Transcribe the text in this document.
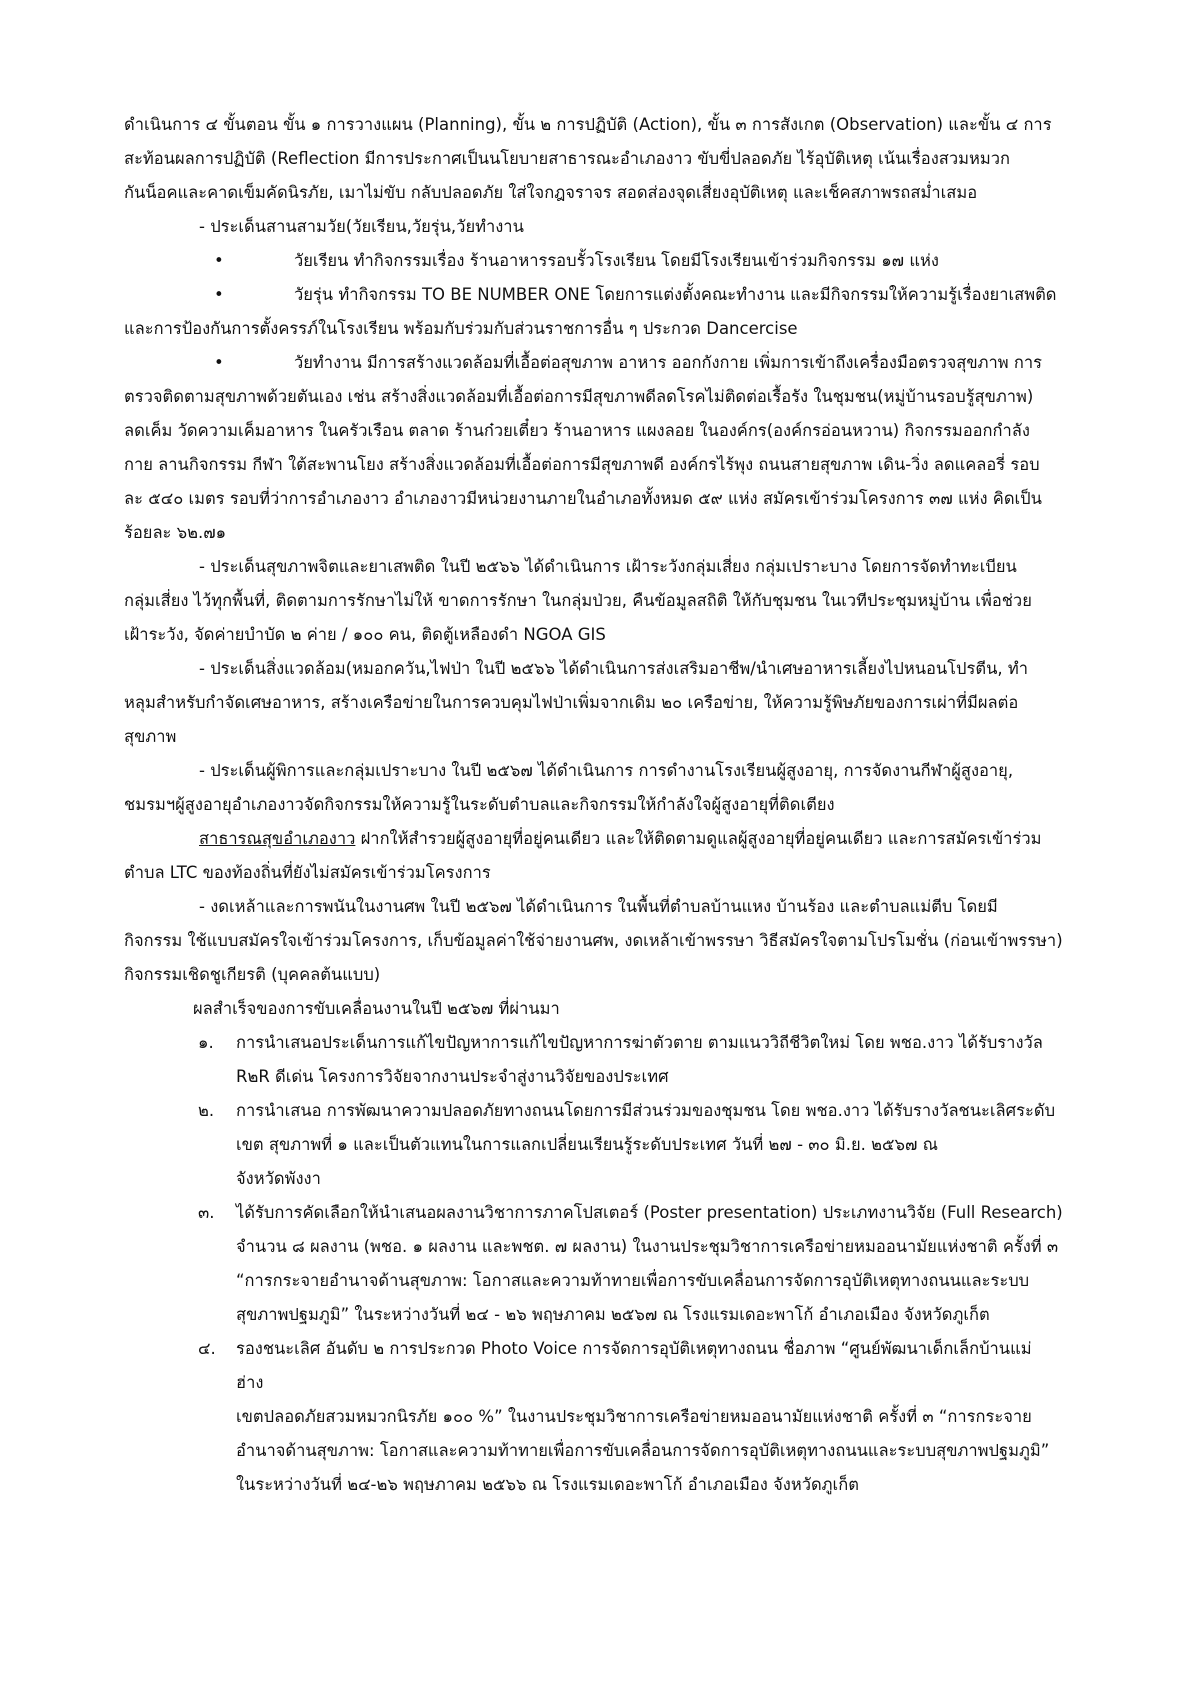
ดำเนินการ ๔ ขั้นตอน ขั้น ๑ การวางแผน (Planning), ขั้น ๒ การปฏิบัติ (Action), ขั้น ๓ การสังเกต (Observation) และขั้น ๔ การ
สะท้อนผลการปฏิบัติ (Reflection มีการประกาศเป็นนโยบายสาธารณะอำเภองาว ขับขี่ปลอดภัย ไร้อุบัติเหตุ เน้นเรื่องสวมหมวก
กันน็อคและคาดเข็มคัดนิรภัย, เมาไม่ขับ กลับปลอดภัย ใส่ใจกฎจราจร สอดส่องจุดเสี่ยงอุบัติเหตุ และเช็คสภาพรถสม่ำเสมอ
- ประเด็นสานสามวัย(วัยเรียน,วัยรุ่น,วัยทำงาน
•	วัยเรียน ทำกิจกรรมเรื่อง ร้านอาหารรอบรั้วโรงเรียน โดยมีโรงเรียนเข้าร่วมกิจกรรม ๑๗ แห่ง
•	วัยรุ่น ทำกิจกรรม TO BE NUMBER ONE โดยการแต่งตั้งคณะทำงาน และมีกิจกรรมให้ความรู้เรื่องยาเสพติด
และการป้องกันการตั้งครรภ์ในโรงเรียน พร้อมกับร่วมกับส่วนราชการอื่น ๆ ประกวด Dancercise
•	วัยทำงาน มีการสร้างแวดล้อมที่เอื้อต่อสุขภาพ อาหาร ออกกังกาย เพิ่มการเข้าถึงเครื่องมือตรวจสุขภาพ การ
ตรวจติดตามสุขภาพด้วยตันเอง เช่น สร้างสิ่งแวดล้อมที่เอื้อต่อการมีสุขภาพดีลดโรคไม่ติดต่อเรื้อรัง ในชุมชน(หมู่บ้านรอบรู้สุขภาพ)
ลดเค็ม วัดความเค็มอาหาร ในครัวเรือน ตลาด ร้านก๋วยเตี๋ยว ร้านอาหาร แผงลอย ในองค์กร(องค์กรอ่อนหวาน) กิจกรรมออกกำลัง
กาย ลานกิจกรรม กีฬา ใต้สะพานโยง สร้างสิ่งแวดล้อมที่เอื้อต่อการมีสุขภาพดี องค์กรไร้พุง ถนนสายสุขภาพ เดิน-วิ่ง ลดแคลอรี่ รอบ
ละ ๕๔๐ เมตร รอบที่ว่าการอำเภองาว อำเภองาวมีหน่วยงานภายในอำเภอทั้งหมด ๕๙ แห่ง สมัครเข้าร่วมโครงการ ๓๗ แห่ง คิดเป็น
ร้อยละ ๖๒.๗๑
- ประเด็นสุขภาพจิตและยาเสพติด ในปี ๒๕๖๖ ได้ดำเนินการ เฝ้าระวังกลุ่มเสี่ยง กลุ่มเปราะบาง โดยการจัดทำทะเบียน
กลุ่มเสี่ยง ไว้ทุกพื้นที่, ติดตามการรักษาไม่ให้ ขาดการรักษา ในกลุ่มป่วย, คืนข้อมูลสถิติ ให้กับชุมชน ในเวทีประชุมหมู่บ้าน เพื่อช่วย
เฝ้าระวัง, จัดค่ายบำบัด ๒ ค่าย / ๑๐๐ คน, ติดตู้เหลืองดำ NGOA GIS
- ประเด็นสิ่งแวดล้อม(หมอกควัน,ไฟป่า ในปี ๒๕๖๖ ได้ดำเนินการส่งเสริมอาชีพ/นำเศษอาหารเลี้ยงไปหนอนโปรตีน, ทำ
หลุมสำหรับกำจัดเศษอาหาร, สร้างเครือข่ายในการควบคุมไฟป่าเพิ่มจากเดิม ๒๐ เครือข่าย, ให้ความรู้พิษภัยของการเผ่าที่มีผลต่อ
สุขภาพ
- ประเด็นผู้พิการและกลุ่มเปราะบาง ในปี ๒๕๖๗ ได้ดำเนินการ การดำงานโรงเรียนผู้สูงอายุ, การจัดงานกีฬาผู้สูงอายุ,
ชมรมฯผู้สูงอายุอำเภองาวจัดกิจกรรมให้ความรู้ในระดับตำบลและกิจกรรมให้กำลังใจผู้สูงอายุที่ติดเตียง
สาธารณสุขอำเภองาว ฝากให้สำรวยผู้สูงอายุที่อยู่คนเดียว และให้ติดตามดูแลผู้สูงอายุที่อยู่คนเดียว และการสมัครเข้าร่วม
ตำบล LTC ของท้องถิ่นที่ยังไม่สมัครเข้าร่วมโครงการ
- งดเหล้าและการพนันในงานศพ ในปี ๒๕๖๗ ได้ดำเนินการ ในพื้นที่ตำบลบ้านแหง บ้านร้อง และตำบลแม่ตีบ โดยมี
กิจกรรม ใช้แบบสมัครใจเข้าร่วมโครงการ, เก็บข้อมูลค่าใช้จ่ายงานศพ, งดเหล้าเข้าพรรษา วิธีสมัครใจตามโปรโมชั่น (ก่อนเข้าพรรษา)
กิจกรรมเชิดชูเกียรติ (บุคคลต้นแบบ)
ผลสำเร็จของการขับเคลื่อนงานในปี ๒๕๖๗ ที่ผ่านมา
๑.	การนำเสนอประเด็นการแก้ไขปัญหาการแก้ไขปัญหาการฆ่าตัวตาย ตามแนววิถีชีวิตใหม่ โดย พชอ.งาว ได้รับรางวัล
R๒R ดีเด่น โครงการวิจัยจากงานประจำสู่งานวิจัยของประเทศ
๒.	การนำเสนอ การพัฒนาความปลอดภัยทางถนนโดยการมีส่วนร่วมของชุมชน โดย พชอ.งาว ได้รับรางวัลชนะเลิศระดับ
เขต สุขภาพที่ ๑ และเป็นตัวแทนในการแลกเปลี่ยนเรียนรู้ระดับประเทศ วันที่ ๒๗ - ๓๐ มิ.ย. ๒๕๖๗ ณ
จังหวัดพังงา
๓.	ได้รับการคัดเลือกให้นำเสนอผลงานวิชาการภาคโปสเตอร์ (Poster presentation) ประเภทงานวิจัย (Full Research)
จำนวน ๘ ผลงาน (พชอ. ๑ ผลงาน และพชต. ๗ ผลงาน) ในงานประชุมวิชาการเครือข่ายหมออนามัยแห่งชาติ ครั้งที่ ๓
“การกระจายอำนาจด้านสุขภาพ: โอกาสและความท้าทายเพื่อการขับเคลื่อนการจัดการอุบัติเหตุทางถนนและระบบ
สุขภาพปฐมภูมิ” ในระหว่างวันที่ ๒๔ - ๒๖ พฤษภาคม ๒๕๖๗ ณ โรงแรมเดอะพาโก้ อำเภอเมือง จังหวัดภูเก็ต
๔.	รองชนะเลิศ อันดับ ๒ การประกวด Photo Voice การจัดการอุบัติเหตุทางถนน ชื่อภาพ “ศูนย์พัฒนาเด็กเล็กบ้านแม่
ฮ่าง
เขตปลอดภัยสวมหมวกนิรภัย ๑๐๐ %” ในงานประชุมวิชาการเครือข่ายหมออนามัยแห่งชาติ ครั้งที่ ๓ “การกระจาย
อำนาจด้านสุขภาพ: โอกาสและความท้าทายเพื่อการขับเคลื่อนการจัดการอุบัติเหตุทางถนนและระบบสุขภาพปฐมภูมิ”
ในระหว่างวันที่ ๒๔-๒๖ พฤษภาคม ๒๕๖๖ ณ โรงแรมเดอะพาโก้ อำเภอเมือง จังหวัดภูเก็ต
